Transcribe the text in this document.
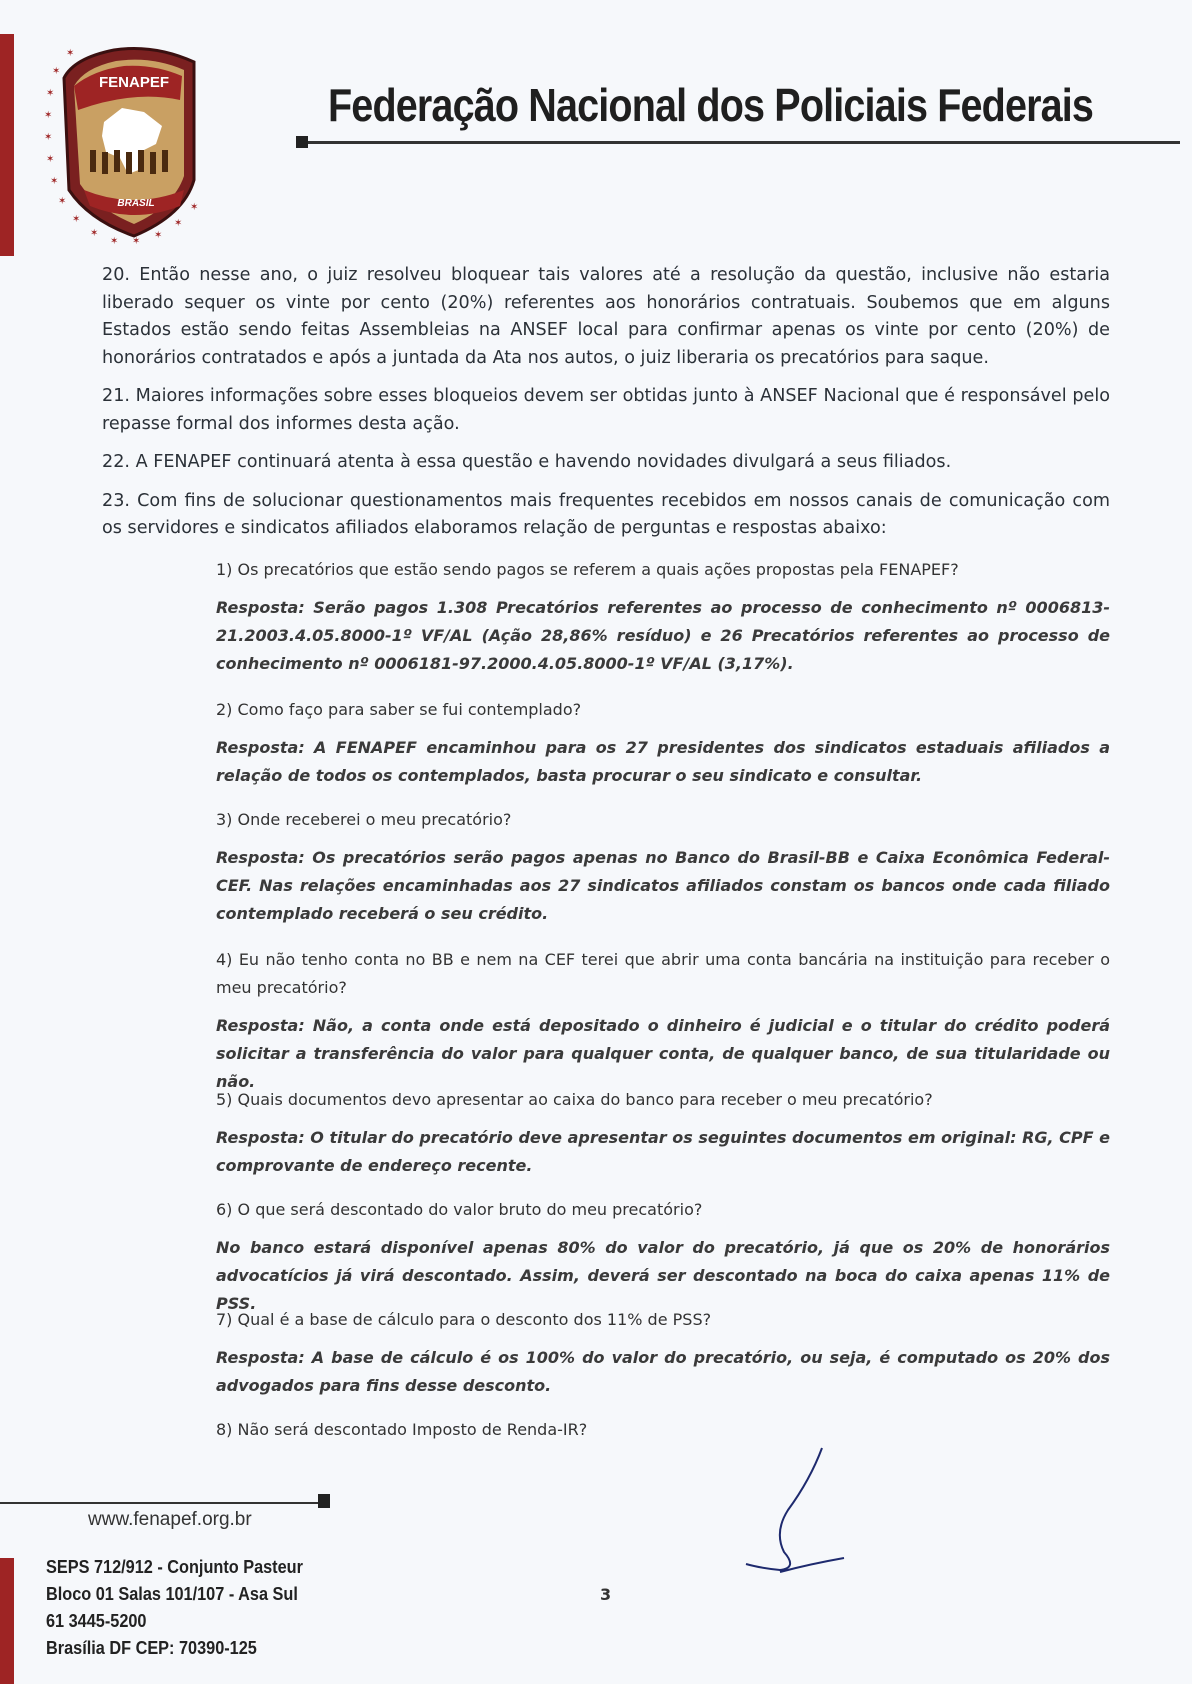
✶
✶
✶
✶
✶
✶
✶
✶
✶
✶ ✶
✶
✶
✶
✶
FENAPEF
BRASIL
Federação Nacional dos Policiais Federais

20. Então nesse ano, o juiz resolveu bloquear tais valores até a resolução da questão, inclusive não estaria liberado sequer os vinte por cento (20%) referentes aos honorários contratuais. Soubemos que em alguns Estados estão sendo feitas Assembleias na ANSEF local para confirmar apenas os vinte por cento (20%) de honorários contratados e após a juntada da Ata nos autos, o juiz liberaria os precatórios para saque.

21. Maiores informações sobre esses bloqueios devem ser obtidas junto à ANSEF Nacional que é responsável pelo repasse formal dos informes desta ação.

22. A FENAPEF continuará atenta à essa questão e havendo novidades divulgará a seus filiados.

23. Com fins de solucionar questionamentos mais frequentes recebidos em nossos canais de comunicação com os servidores e sindicatos afiliados elaboramos relação de perguntas e respostas abaixo:

1) Os precatórios que estão sendo pagos se referem a quais ações propostas pela FENAPEF?

Resposta: Serão pagos 1.308 Precatórios referentes ao processo de conhecimento nº 0006813-21.2003.4.05.8000-1º VF/AL (Ação 28,86% resíduo) e 26 Precatórios referentes ao processo de conhecimento nº 0006181-97.2000.4.05.8000-1º VF/AL (3,17%).

2) Como faço para saber se fui contemplado?

Resposta: A FENAPEF encaminhou para os 27 presidentes dos sindicatos estaduais afiliados a relação de todos os contemplados, basta procurar o seu sindicato e consultar.

3) Onde receberei o meu precatório?

Resposta: Os precatórios serão pagos apenas no Banco do Brasil-BB e Caixa Econômica Federal-CEF. Nas relações encaminhadas aos 27 sindicatos afiliados constam os bancos onde cada filiado contemplado receberá o seu crédito.

4) Eu não tenho conta no BB e nem na CEF terei que abrir uma conta bancária na instituição para receber o meu precatório?

Resposta: Não, a conta onde está depositado o dinheiro é judicial e o titular do crédito poderá solicitar a transferência do valor para qualquer conta, de qualquer banco, de sua titularidade ou não.

5) Quais documentos devo apresentar ao caixa do banco para receber o meu precatório?

Resposta: O titular do precatório deve apresentar os seguintes documentos em original: RG, CPF e comprovante de endereço recente.

6) O que será descontado do valor bruto do meu precatório?

No banco estará disponível apenas 80% do valor do precatório, já que os 20% de honorários advocatícios já virá descontado. Assim, deverá ser descontado na boca do caixa apenas 11% de PSS.

7) Qual é a base de cálculo para o desconto dos 11% de PSS?

Resposta: A base de cálculo é os 100% do valor do precatório, ou seja, é computado os 20% dos advogados para fins desse desconto.

8) Não será descontado Imposto de Renda-IR?

www.fenapef.org.br
SEPS 712/912 - Conjunto Pasteur
Bloco 01 Salas 101/107 - Asa Sul
61 3445-5200
Brasília DF CEP: 70390-125
3
